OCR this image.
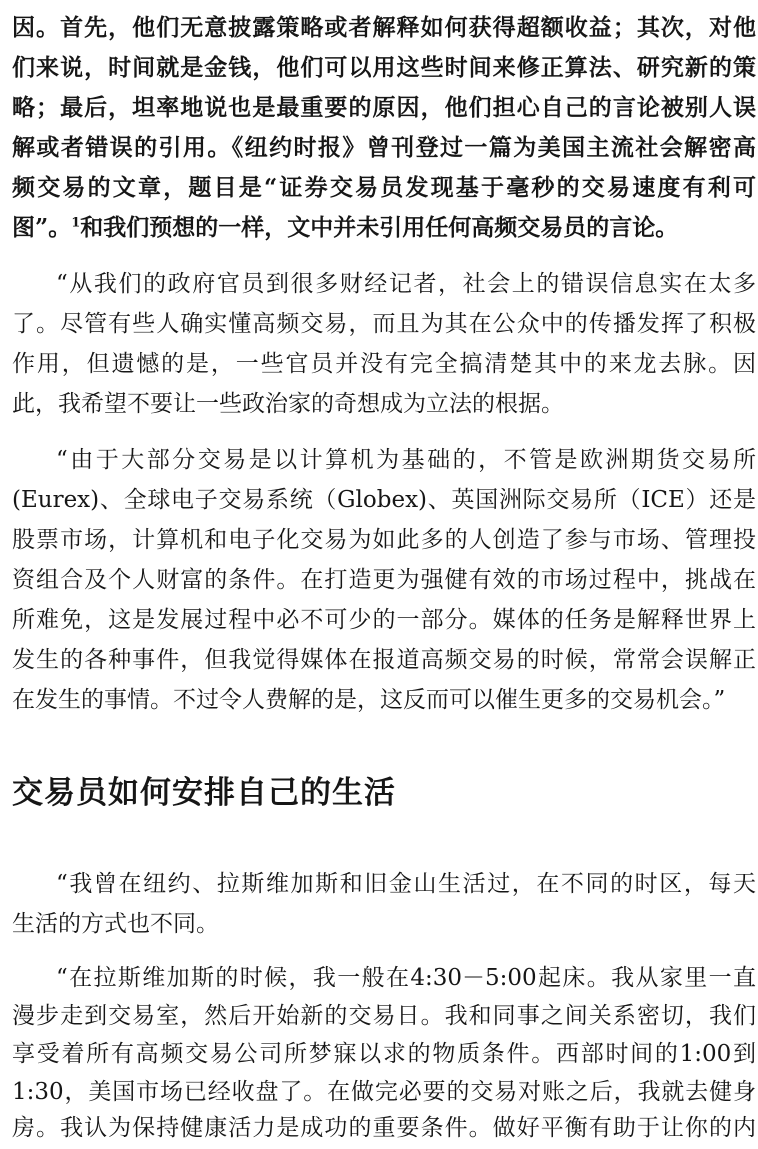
因。首先，他们无意披露策略或者解释如何获得超额收益；其次，对他
们来说，时间就是金钱，他们可以用这些时间来修正算法、研究新的策
略；最后，坦率地说也是最重要的原因，他们担心自己的言论被别人误
解或者错误的引用。《纽约时报》曾刊登过一篇为美国主流社会解密高
频交易的文章，题目是“证券交易员发现基于毫秒的交易速度有利可
图”。$^1$和我们预想的一样，文中并未引用任何高频交易员的言论。
“从我们的政府官员到很多财经记者，社会上的错误信息实在太多
了。尽管有些人确实懂高频交易，而且为其在公众中的传播发挥了积极
作用，但遗憾的是，一些官员并没有完全搞清楚其中的来龙去脉。因
此，我希望不要让一些政治家的奇想成为立法的根据。
“由于大部分交易是以计算机为基础的，不管是欧洲期货交易所
(Eurex)、全球电子交易系统（Globex)、英国洲际交易所（ICE）还是
股票市场，计算机和电子化交易为如此多的人创造了参与市场、管理投
资组合及个人财富的条件。在打造更为强健有效的市场过程中，挑战在
所难免，这是发展过程中必不可少的一部分。媒体的任务是解释世界上
发生的各种事件，但我觉得媒体在报道高频交易的时候，常常会误解正
在发生的事情。不过令人费解的是，这反而可以催生更多的交易机会。”
交易员如何安排自己的生活
“我曾在纽约、拉斯维加斯和旧金山生活过，在不同的时区，每天
生活的方式也不同。
“在拉斯维加斯的时候，我一般在4:30－5:00起床。我从家里一直
漫步走到交易室，然后开始新的交易日。我和同事之间关系密切，我们
享受着所有高频交易公司所梦寐以求的物质条件。西部时间的1:00到
1:30，美国市场已经收盘了。在做完必要的交易对账之后，我就去健身
房。我认为保持健康活力是成功的重要条件。做好平衡有助于让你的内
